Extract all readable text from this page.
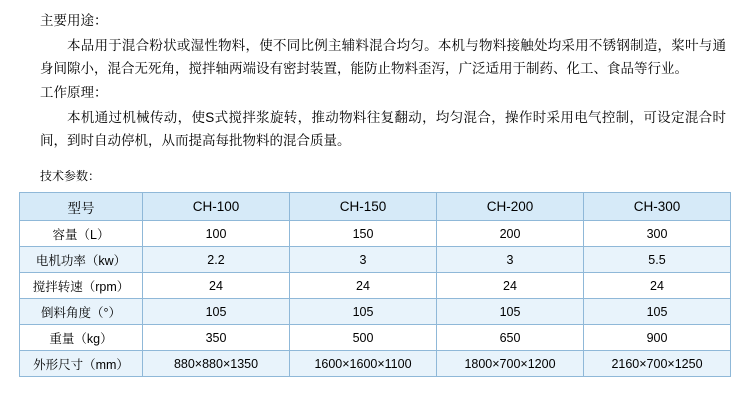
主要用途：

本品用于混合粉状或湿性物料，使不同比例主辅料混合均匀。本机与物料接触处均采用不锈钢制造，桨叶与通身间隙小，混合无死角，搅拌轴两端设有密封装置，能防止物料歪泻，广泛适用于制药、化工、食品等行业。

工作原理：

本机通过机械传动，使S式搅拌浆旋转，推动物料往复翻动，均匀混合，操作时采用电气控制，可设定混合时间，到时自动停机，从而提高每批物料的混合质量。

技术参数：
型号	CH-100	CH-150	CH-200	CH-300
容量（L）	100	150	200	300
电机功率（kw）	2.2	3	3	5.5
搅拌转速（rpm）	24	24	24	24
倒料角度（°）	105	105	105	105
重量（kg）	350	500	650	900
外形尺寸（mm）	880×880×1350	1600×1600×1100	1800×700×1200	2160×700×1250
